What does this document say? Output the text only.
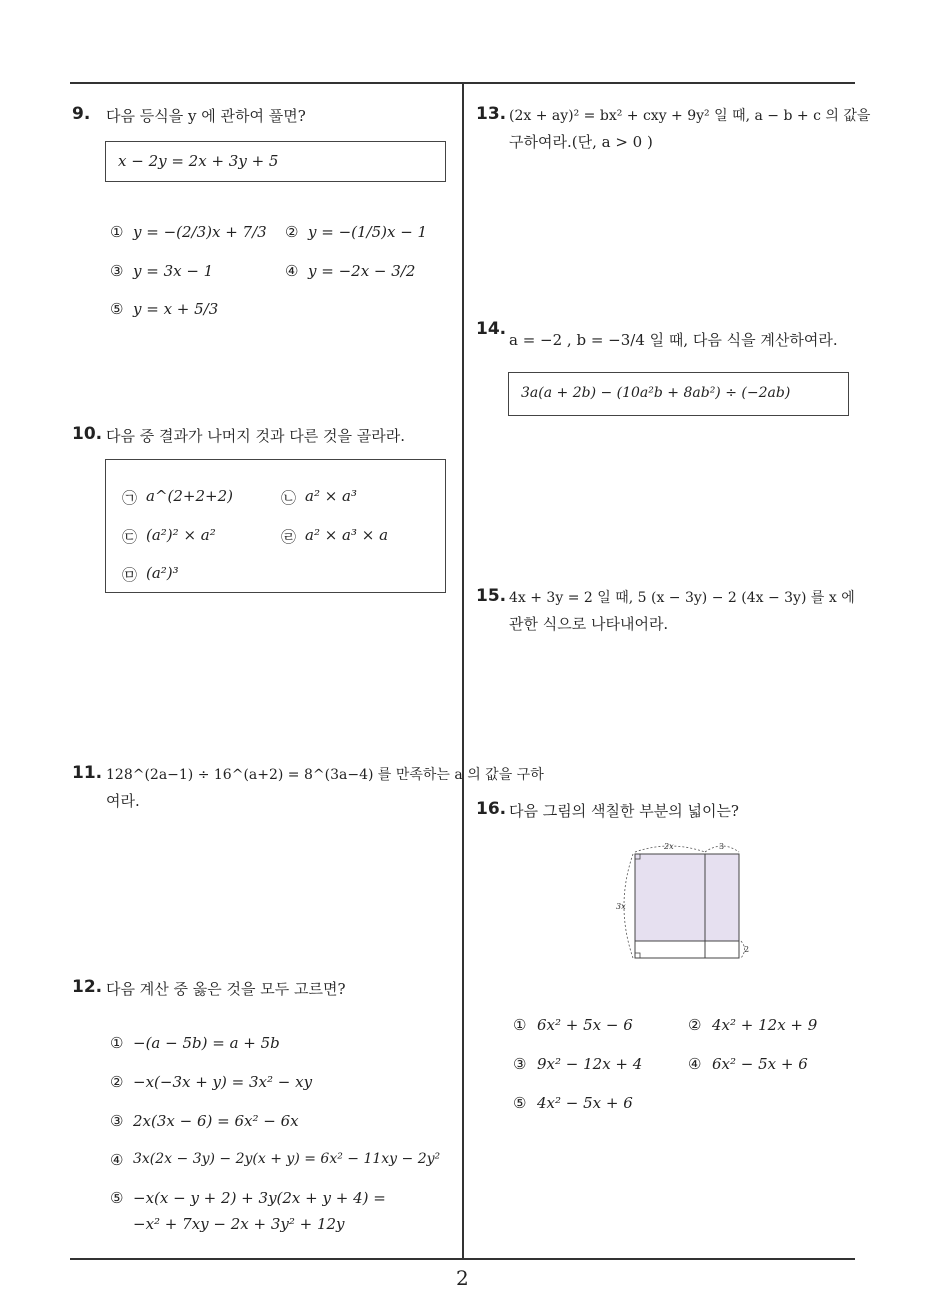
2
9. 다음 등식을 y 에 관하여 풀면?
x − 2y = 2x + 3y + 5
① y = −(2/3)x + 7/3 ② y = −(1/5)x − 1
③ y = 3x − 1	④ y = −2x − 3/2
⑤ y = x + 5/3
10. 다음 중 결과가 나머지 것과 다른 것을 골라라.
㉠ a^(2+2+2)	㉡ a² × a³
㉢ (a²)² × a²	㉣ a² × a³ × a
㉤ (a²)³
11. 128^(2a−1) ÷ 16^(a+2) = 8^(3a−4) 를 만족하는 a 의 값을 구하
여라.
12. 다음 계산 중 옳은 것을 모두 고르면?
① −(a − 5b) = a + 5b
② −x(−3x + y) = 3x² − xy
③ 2x(3x − 6) = 6x² − 6x
④ 3x(2x − 3y) − 2y(x + y) = 6x² − 11xy − 2y²
⑤ −x(x − y + 2) + 3y(2x + y + 4) =
−x² + 7xy − 2x + 3y² + 12y
13. (2x + ay)² = bx² + cxy + 9y² 일 때, a − b + c 의 값을
구하여라.(단, a > 0 )
14.
a = −2 , b = −3/4 일 때, 다음 식을 계산하여라.
3a(a + 2b) − (10a²b + 8ab²) ÷ (−2ab)
15. 4x + 3y = 2 일 때, 5 (x − 3y) − 2 (4x − 3y) 를 x 에
관한 식으로 나타내어라.
16. 다음 그림의 색칠한 부분의 넓이는?
2x	3
3x
2
① 6x² + 5x − 6	② 4x² + 12x + 9
③ 9x² − 12x + 4	④ 6x² − 5x + 6
⑤ 4x² − 5x + 6
